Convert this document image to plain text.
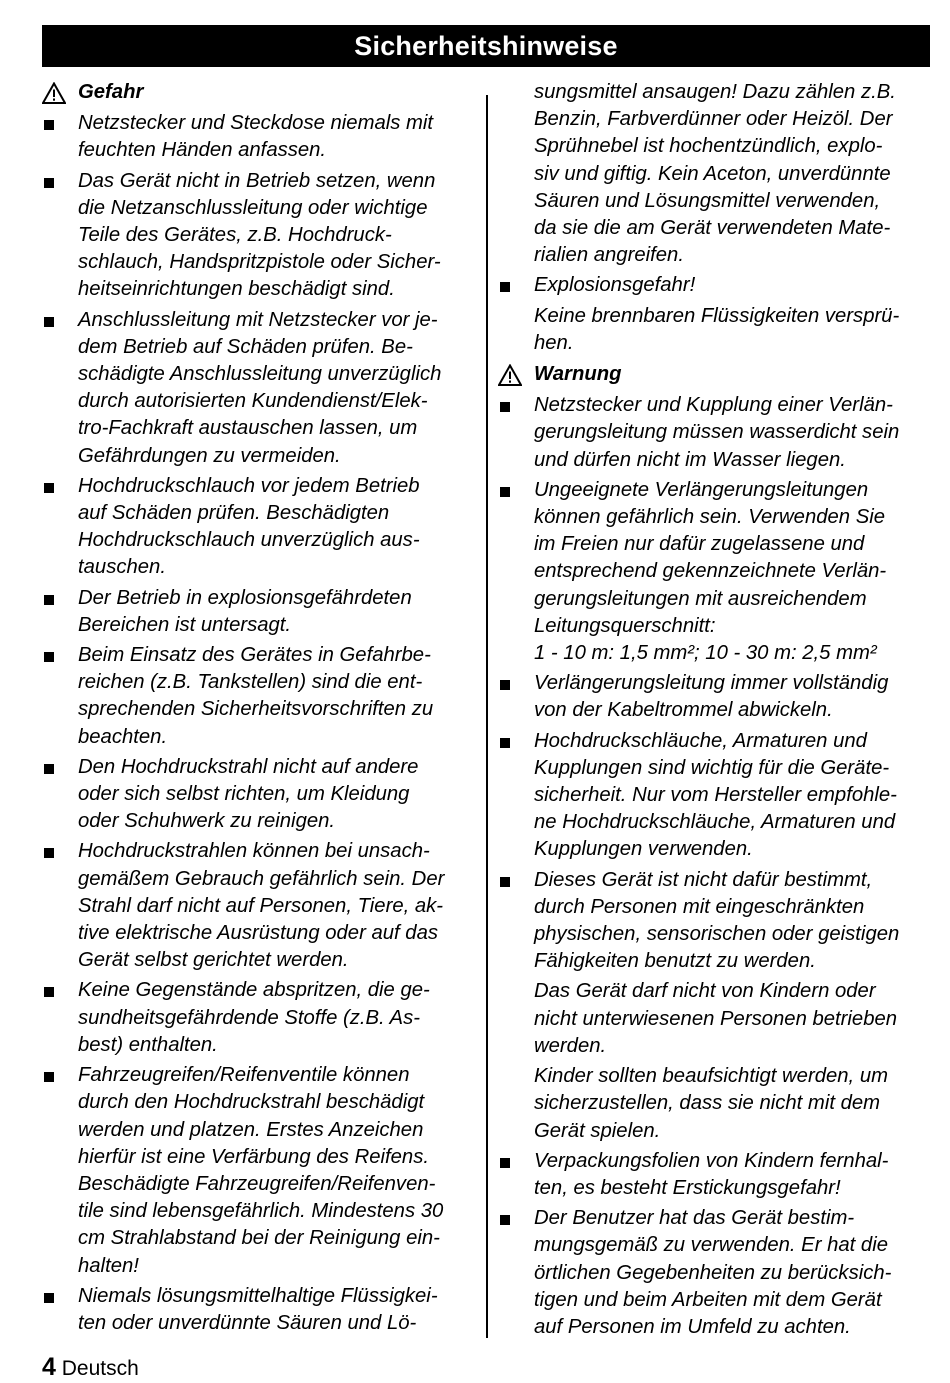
Sicherheitshinweise
Gefahr
Netzstecker und Steckdose niemals mit
feuchten Händen anfassen.
Das Gerät nicht in Betrieb setzen, wenn
die Netzanschlussleitung oder wichtige
Teile des Gerätes, z.B. Hochdruck-
schlauch, Handspritzpistole oder Sicher-
heitseinrichtungen beschädigt sind.
Anschlussleitung mit Netzstecker vor je-
dem Betrieb auf Schäden prüfen. Be-
schädigte Anschlussleitung unverzüglich
durch autorisierten Kundendienst/Elek-
tro-Fachkraft austauschen lassen, um
Gefährdungen zu vermeiden.
Hochdruckschlauch vor jedem Betrieb
auf Schäden prüfen. Beschädigten
Hochdruckschlauch unverzüglich aus-
tauschen.
Der Betrieb in explosionsgefährdeten
Bereichen ist untersagt.
Beim Einsatz des Gerätes in Gefahrbe-
reichen (z.B. Tankstellen) sind die ent-
sprechenden Sicherheitsvorschriften zu
beachten.
Den Hochdruckstrahl nicht auf andere
oder sich selbst richten, um Kleidung
oder Schuhwerk zu reinigen.
Hochdruckstrahlen können bei unsach-
gemäßem Gebrauch gefährlich sein. Der
Strahl darf nicht auf Personen, Tiere, ak-
tive elektrische Ausrüstung oder auf das
Gerät selbst gerichtet werden.
Keine Gegenstände abspritzen, die ge-
sundheitsgefährdende Stoffe (z.B. As-
best) enthalten.
Fahrzeugreifen/Reifenventile können
durch den Hochdruckstrahl beschädigt
werden und platzen. Erstes Anzeichen
hierfür ist eine Verfärbung des Reifens.
Beschädigte Fahrzeugreifen/Reifenven-
tile sind lebensgefährlich. Mindestens 30
cm Strahlabstand bei der Reinigung ein-
halten!
Niemals lösungsmittelhaltige Flüssigkei-
ten oder unverdünnte Säuren und Lö-
sungsmittel ansaugen! Dazu zählen z.B.
Benzin, Farbverdünner oder Heizöl. Der
Sprühnebel ist hochentzündlich, explo-
siv und giftig. Kein Aceton, unverdünnte
Säuren und Lösungsmittel verwenden,
da sie die am Gerät verwendeten Mate-
rialien angreifen.
Explosionsgefahr!
Keine brennbaren Flüssigkeiten versprü-
hen.
Warnung
Netzstecker und Kupplung einer Verlän-
gerungsleitung müssen wasserdicht sein
und dürfen nicht im Wasser liegen.
Ungeeignete Verlängerungsleitungen
können gefährlich sein. Verwenden Sie
im Freien nur dafür zugelassene und
entsprechend gekennzeichnete Verlän-
gerungsleitungen mit ausreichendem
Leitungsquerschnitt:
1 - 10 m: 1,5 mm²; 10 - 30 m: 2,5 mm²
Verlängerungsleitung immer vollständig
von der Kabeltrommel abwickeln.
Hochdruckschläuche, Armaturen und
Kupplungen sind wichtig für die Geräte-
sicherheit. Nur vom Hersteller empfohle-
ne Hochdruckschläuche, Armaturen und
Kupplungen verwenden.
Dieses Gerät ist nicht dafür bestimmt,
durch Personen mit eingeschränkten
physischen, sensorischen oder geistigen
Fähigkeiten benutzt zu werden.
Das Gerät darf nicht von Kindern oder
nicht unterwiesenen Personen betrieben
werden.
Kinder sollten beaufsichtigt werden, um
sicherzustellen, dass sie nicht mit dem
Gerät spielen.
Verpackungsfolien von Kindern fernhal-
ten, es besteht Erstickungsgefahr!
Der Benutzer hat das Gerät bestim-
mungsgemäß zu verwenden. Er hat die
örtlichen Gegebenheiten zu berücksich-
tigen und beim Arbeiten mit dem Gerät
auf Personen im Umfeld zu achten.
4 Deutsch
